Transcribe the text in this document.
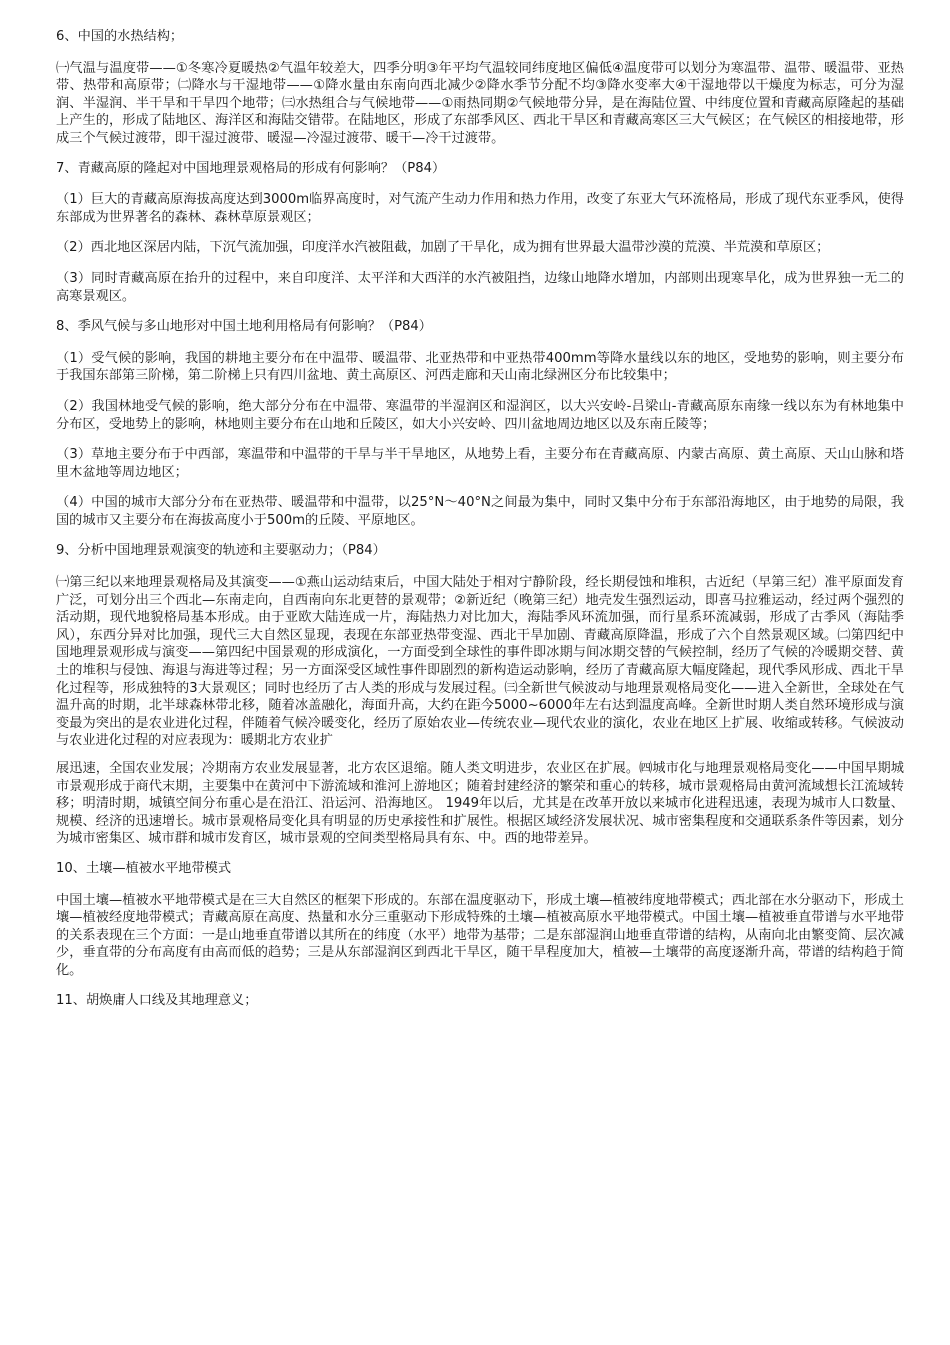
6、中国的水热结构；

㈠气温与温度带——①冬寒冷夏暖热②气温年较差大，四季分明③年平均气温较同纬度地区偏低④温度带可以划分为寒温带、温带、暖温带、亚热带、热带和高原带；㈡降水与干湿地带——①降水量由东南向西北减少②降水季节分配不均③降水变率大④干湿地带以干燥度为标志，可分为湿润、半湿润、半干旱和干旱四个地带；㈢水热组合与气候地带——①雨热同期②气候地带分异，是在海陆位置、中纬度位置和青藏高原隆起的基础上产生的，形成了陆地区、海洋区和海陆交错带。在陆地区，形成了东部季风区、西北干旱区和青藏高寒区三大气候区；在气候区的相接地带，形成三个气候过渡带，即干湿过渡带、暖湿—冷湿过渡带、暖干—冷干过渡带。

7、青藏高原的隆起对中国地理景观格局的形成有何影响？（P84）

（1）巨大的青藏高原海拔高度达到3000m临界高度时，对气流产生动力作用和热力作用，改变了东亚大气环流格局，形成了现代东亚季风，使得东部成为世界著名的森林、森林草原景观区；

（2）西北地区深居内陆，下沉气流加强，印度洋水汽被阻截，加剧了干旱化，成为拥有世界最大温带沙漠的荒漠、半荒漠和草原区；

（3）同时青藏高原在抬升的过程中，来自印度洋、太平洋和大西洋的水汽被阻挡，边缘山地降水增加，内部则出现寒旱化，成为世界独一无二的高寒景观区。

8、季风气候与多山地形对中国土地利用格局有何影响？（P84）

（1）受气候的影响，我国的耕地主要分布在中温带、暖温带、北亚热带和中亚热带400mm等降水量线以东的地区，受地势的影响，则主要分布于我国东部第三阶梯，第二阶梯上只有四川盆地、黄土高原区、河西走廊和天山南北绿洲区分布比较集中；

（2）我国林地受气候的影响，绝大部分分布在中温带、寒温带的半湿润区和湿润区，以大兴安岭-吕梁山-青藏高原东南缘一线以东为有林地集中分布区，受地势上的影响，林地则主要分布在山地和丘陵区，如大小兴安岭、四川盆地周边地区以及东南丘陵等；

（3）草地主要分布于中西部，寒温带和中温带的干旱与半干旱地区，从地势上看，主要分布在青藏高原、内蒙古高原、黄土高原、天山山脉和塔里木盆地等周边地区；

（4）中国的城市大部分分布在亚热带、暖温带和中温带，以25°N～40°N之间最为集中，同时又集中分布于东部沿海地区，由于地势的局限，我国的城市又主要分布在海拔高度小于500m的丘陵、平原地区。

9、分析中国地理景观演变的轨迹和主要驱动力；（P84）

㈠第三纪以来地理景观格局及其演变——①燕山运动结束后，中国大陆处于相对宁静阶段，经长期侵蚀和堆积，古近纪（早第三纪）准平原面发育广泛，可划分出三个西北—东南走向，自西南向东北更替的景观带；②新近纪（晚第三纪）地壳发生强烈运动，即喜马拉雅运动，经过两个强烈的活动期，现代地貌格局基本形成。由于亚欧大陆连成一片，海陆热力对比加大，海陆季风环流加强，而行星系环流减弱，形成了古季风（海陆季风），东西分异对比加强，现代三大自然区显现，表现在东部亚热带变湿、西北干旱加剧、青藏高原降温，形成了六个自然景观区域。㈡第四纪中国地理景观形成与演变——第四纪中国景观的形成演化，一方面受到全球性的事件即冰期与间冰期交替的气候控制，经历了气候的冷暖期交替、黄土的堆积与侵蚀、海退与海进等过程；另一方面深受区域性事件即剧烈的新构造运动影响，经历了青藏高原大幅度隆起，现代季风形成、西北干旱化过程等，形成独特的3大景观区；同时也经历了古人类的形成与发展过程。㈢全新世气候波动与地理景观格局变化——进入全新世，全球处在气温升高的时期，北半球森林带北移，随着冰盖融化，海面升高，大约在距今5000~6000年左右达到温度高峰。全新世时期人类自然环境形成与演变最为突出的是农业进化过程，伴随着气候冷暖变化，经历了原始农业—传统农业—现代农业的演化，农业在地区上扩展、收缩或转移。气候波动与农业进化过程的对应表现为：暖期北方农业扩

展迅速，全国农业发展；冷期南方农业发展显著，北方农区退缩。随人类文明进步，农业区在扩展。㈣城市化与地理景观格局变化——中国早期城市景观形成于商代末期，主要集中在黄河中下游流域和淮河上游地区；随着封建经济的繁荣和重心的转移，城市景观格局由黄河流域想长江流域转移；明清时期，城镇空间分布重心是在沿江、沿运河、沿海地区。 1949年以后，尤其是在改革开放以来城市化进程迅速，表现为城市人口数量、规模、经济的迅速增长。城市景观格局变化具有明显的历史承接性和扩展性。根据区域经济发展状况、城市密集程度和交通联系条件等因素，划分为城市密集区、城市群和城市发育区，城市景观的空间类型格局具有东、中。西的地带差异。

10、土壤—植被水平地带模式

中国土壤—植被水平地带模式是在三大自然区的框架下形成的。东部在温度驱动下，形成土壤—植被纬度地带模式；西北部在水分驱动下，形成土壤—植被经度地带模式；青藏高原在高度、热量和水分三重驱动下形成特殊的土壤—植被高原水平地带模式。中国土壤—植被垂直带谱与水平地带的关系表现在三个方面：一是山地垂直带谱以其所在的纬度（水平）地带为基带；二是东部湿润山地垂直带谱的结构，从南向北由繁变简、层次减少，垂直带的分布高度有由高而低的趋势；三是从东部湿润区到西北干旱区，随干旱程度加大，植被—土壤带的高度逐渐升高，带谱的结构趋于简化。

11、胡焕庸人口线及其地理意义；
